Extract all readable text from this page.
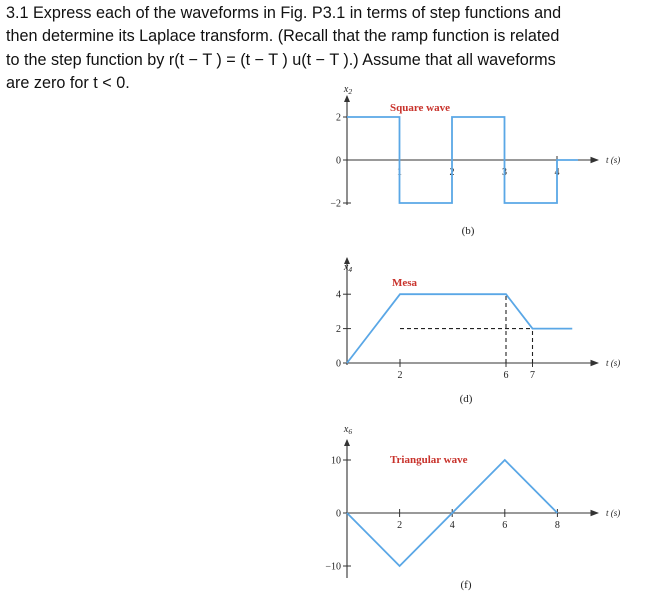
3.1 Express each of the waveforms in Fig. P3.1 in terms of step functions and

then determine its Laplace transform. (Recall that the ramp function is related

to the step function by r(t − T ) = (t − T ) u(t − T ).) Assume that all waveforms

are zero for t < 0.	$x_2$
t (s)
2
0
−2
1	2	3	4
Square wave
(b)
$x_4$
t (s)
4
2
0
2	6 7
Mesa
(d)
$x_6$
t (s)
10
0
−10
2	4	6	8
Triangular wave
(f)
